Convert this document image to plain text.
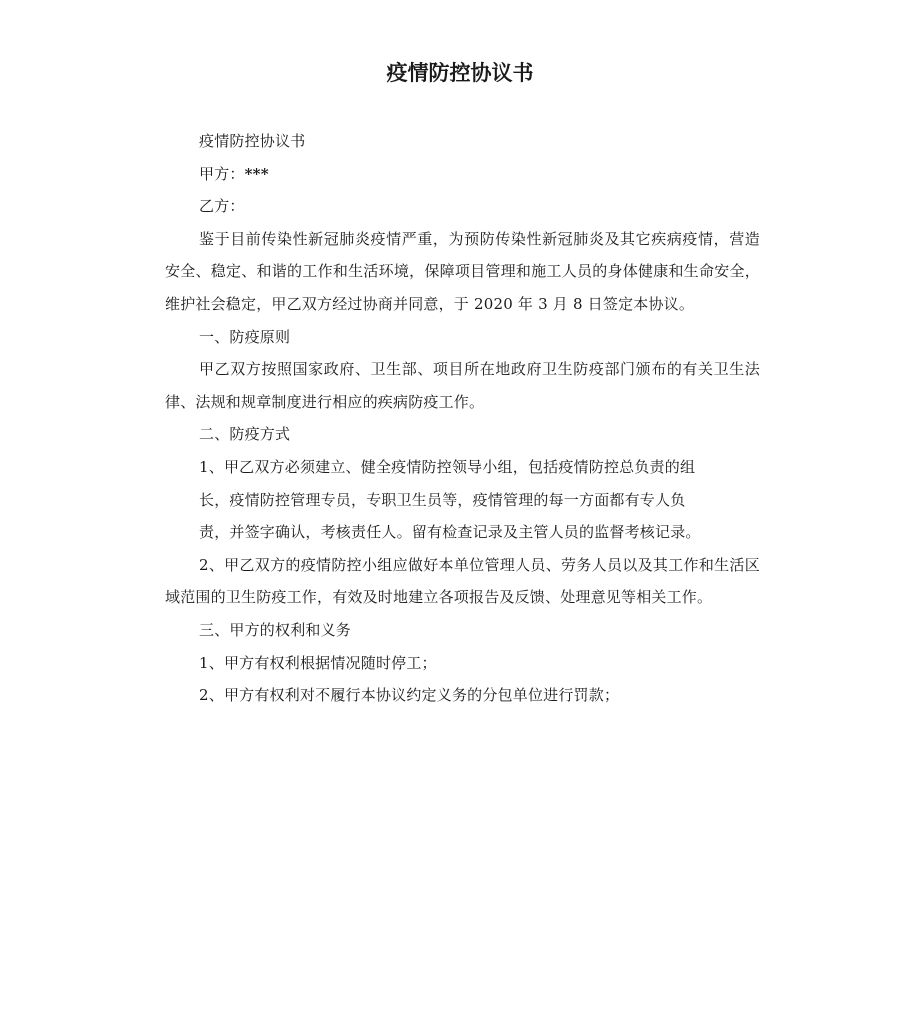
疫情防控协议书

疫情防控协议书

甲方：***

乙方：

鉴于目前传染性新冠肺炎疫情严重，为预防传染性新冠肺炎及其它疾病疫情，营造安全、稳定、和谐的工作和生活环境，保障项目管理和施工人员的身体健康和生命安全，维护社会稳定，甲乙双方经过协商并同意，于 2020 年 3 月 8 日签定本协议。

一、防疫原则

甲乙双方按照国家政府、卫生部、项目所在地政府卫生防疫部门颁布的有关卫生法律、法规和规章制度进行相应的疾病防疫工作。

二、防疫方式

1、甲乙双方必须建立、健全疫情防控领导小组，包括疫情防控总负责的组

长，疫情防控管理专员，专职卫生员等，疫情管理的每一方面都有专人负

责，并签字确认，考核责任人。留有检查记录及主管人员的监督考核记录。

2、甲乙双方的疫情防控小组应做好本单位管理人员、劳务人员以及其工作和生活区域范围的卫生防疫工作，有效及时地建立各项报告及反馈、处理意见等相关工作。

三、甲方的权利和义务

1、甲方有权利根据情况随时停工；

2、甲方有权利对不履行本协议约定义务的分包单位进行罚款；
